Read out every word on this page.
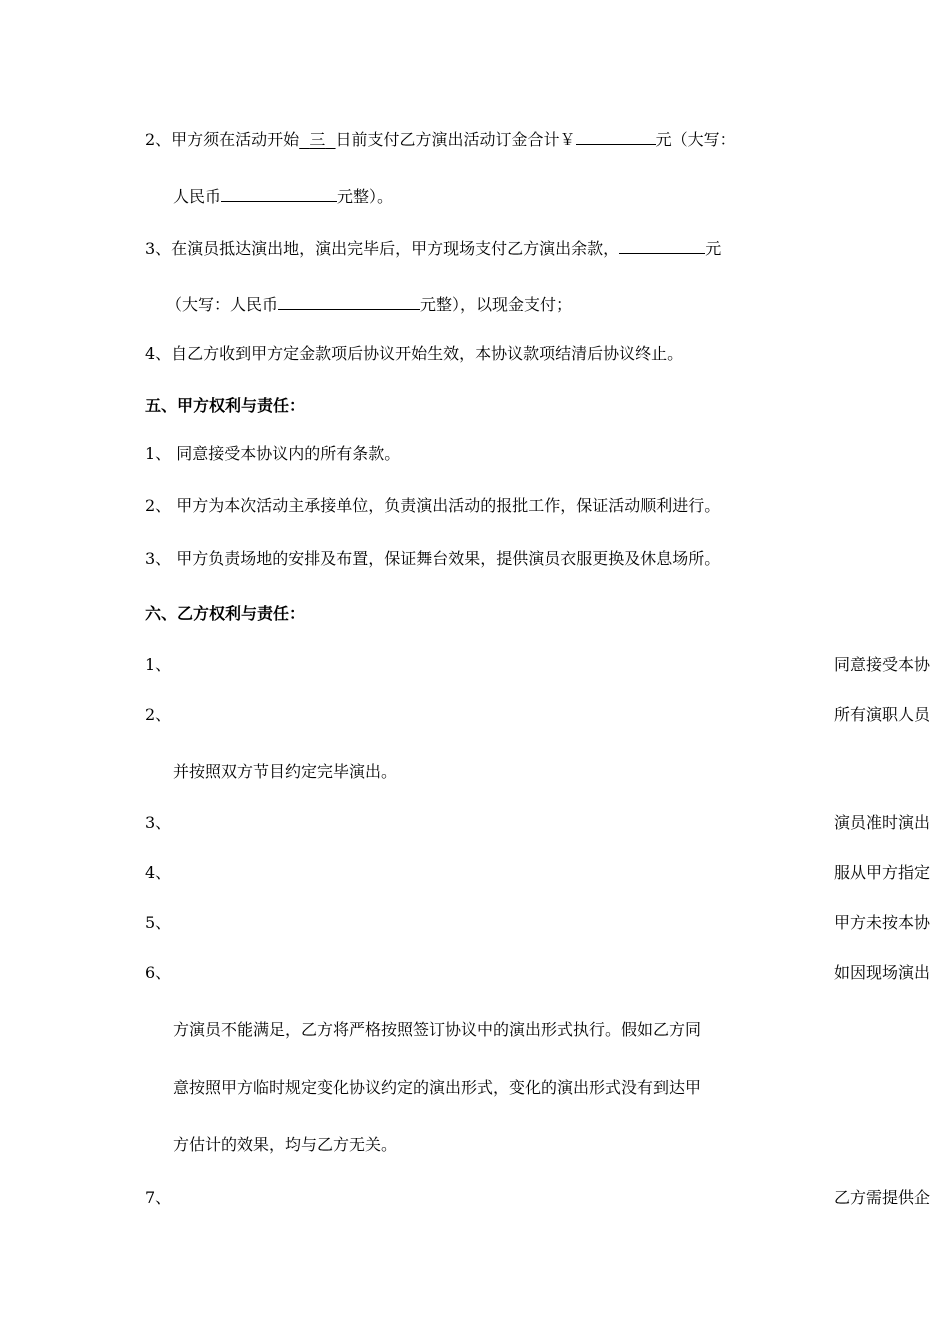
2、甲方须在活动开始 三 日前支付乙方演出活动订金合计￥	元（大写：
人民币	元整）。
3、在演员抵达演出地，演出完毕后，甲方现场支付乙方演出余款，	元
（大写：人民币	元整），以现金支付；
4、自乙方收到甲方定金款项后协议开始生效，本协议款项结清后协议终止。
五、甲方权利与责任：
1、 同意接受本协议内的所有条款。
2、 甲方为本次活动主承接单位，负责演出活动的报批工作，保证活动顺利进行。
3、 甲方负责场地的安排及布置，保证舞台效果，提供演员衣服更换及休息场所。
六、乙方权利与责任：
1、	同意接受本协
2、	所有演职人员
并按照双方节目约定完毕演出。
3、	演员准时演出
4、	服从甲方指定
5、	甲方未按本协
6、	如因现场演出
方演员不能满足，乙方将严格按照签订协议中的演出形式执行。假如乙方同
意按照甲方临时规定变化协议约定的演出形式，变化的演出形式没有到达甲
方估计的效果，均与乙方无关。
7、	乙方需提供企
